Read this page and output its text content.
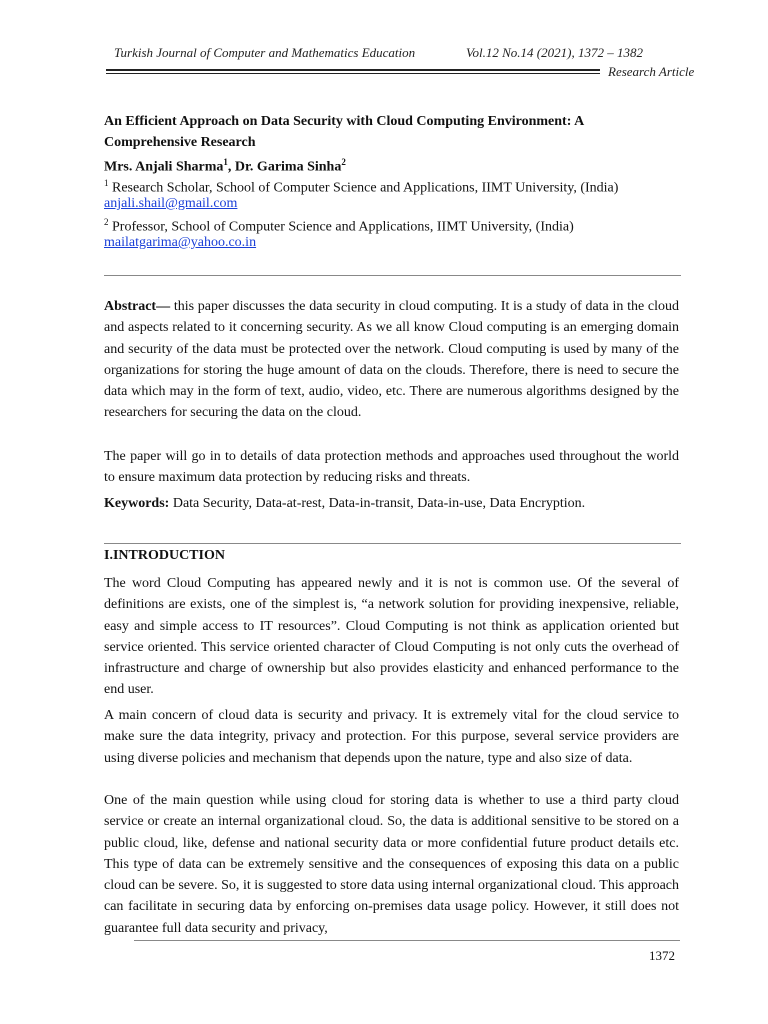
Turkish Journal of Computer and Mathematics Education	Vol.12 No.14 (2021), 1372 – 1382
Research Article
An Efficient Approach on Data Security with Cloud Computing Environment: A Comprehensive Research
Mrs. Anjali Sharma$^1$, Dr. Garima Sinha$^2$
$^1$ Research Scholar, School of Computer Science and Applications, IIMT University, (India)
anjali.shail@gmail.com
$^2$ Professor, School of Computer Science and Applications, IIMT University, (India)
mailatgarima@yahoo.co.in
Abstract— this paper discusses the data security in cloud computing. It is a study of data in the cloud and aspects related to it concerning security. As we all know Cloud computing is an emerging domain and security of the data must be protected over the network. Cloud computing is used by many of the organizations for storing the huge amount of data on the clouds. Therefore, there is need to secure the data which may in the form of text, audio, video, etc. There are numerous algorithms designed by the researchers for securing the data on the cloud.
The paper will go in to details of data protection methods and approaches used throughout the world to ensure maximum data protection by reducing risks and threats.
Keywords: Data Security, Data-at-rest, Data-in-transit, Data-in-use, Data Encryption.
I.INTRODUCTION
The word Cloud Computing has appeared newly and it is not is common use. Of the several of definitions are exists, one of the simplest is, “a network solution for providing inexpensive, reliable, easy and simple access to IT resources”. Cloud Computing is not think as application oriented but service oriented. This service oriented character of Cloud Computing is not only cuts the overhead of infrastructure and charge of ownership but also provides elasticity and enhanced performance to the end user.
A main concern of cloud data is security and privacy. It is extremely vital for the cloud service to make sure the data integrity, privacy and protection. For this purpose, several service providers are using diverse policies and mechanism that depends upon the nature, type and also size of data.
One of the main question while using cloud for storing data is whether to use a third party cloud service or create an internal organizational cloud. So, the data is additional sensitive to be stored on a public cloud, like, defense and national security data or more confidential future product details etc. This type of data can be extremely sensitive and the consequences of exposing this data on a public cloud can be severe. So, it is suggested to store data using internal organizational cloud. This approach can facilitate in securing data by enforcing on-premises data usage policy. However, it still does not guarantee full data security and privacy,
1372
